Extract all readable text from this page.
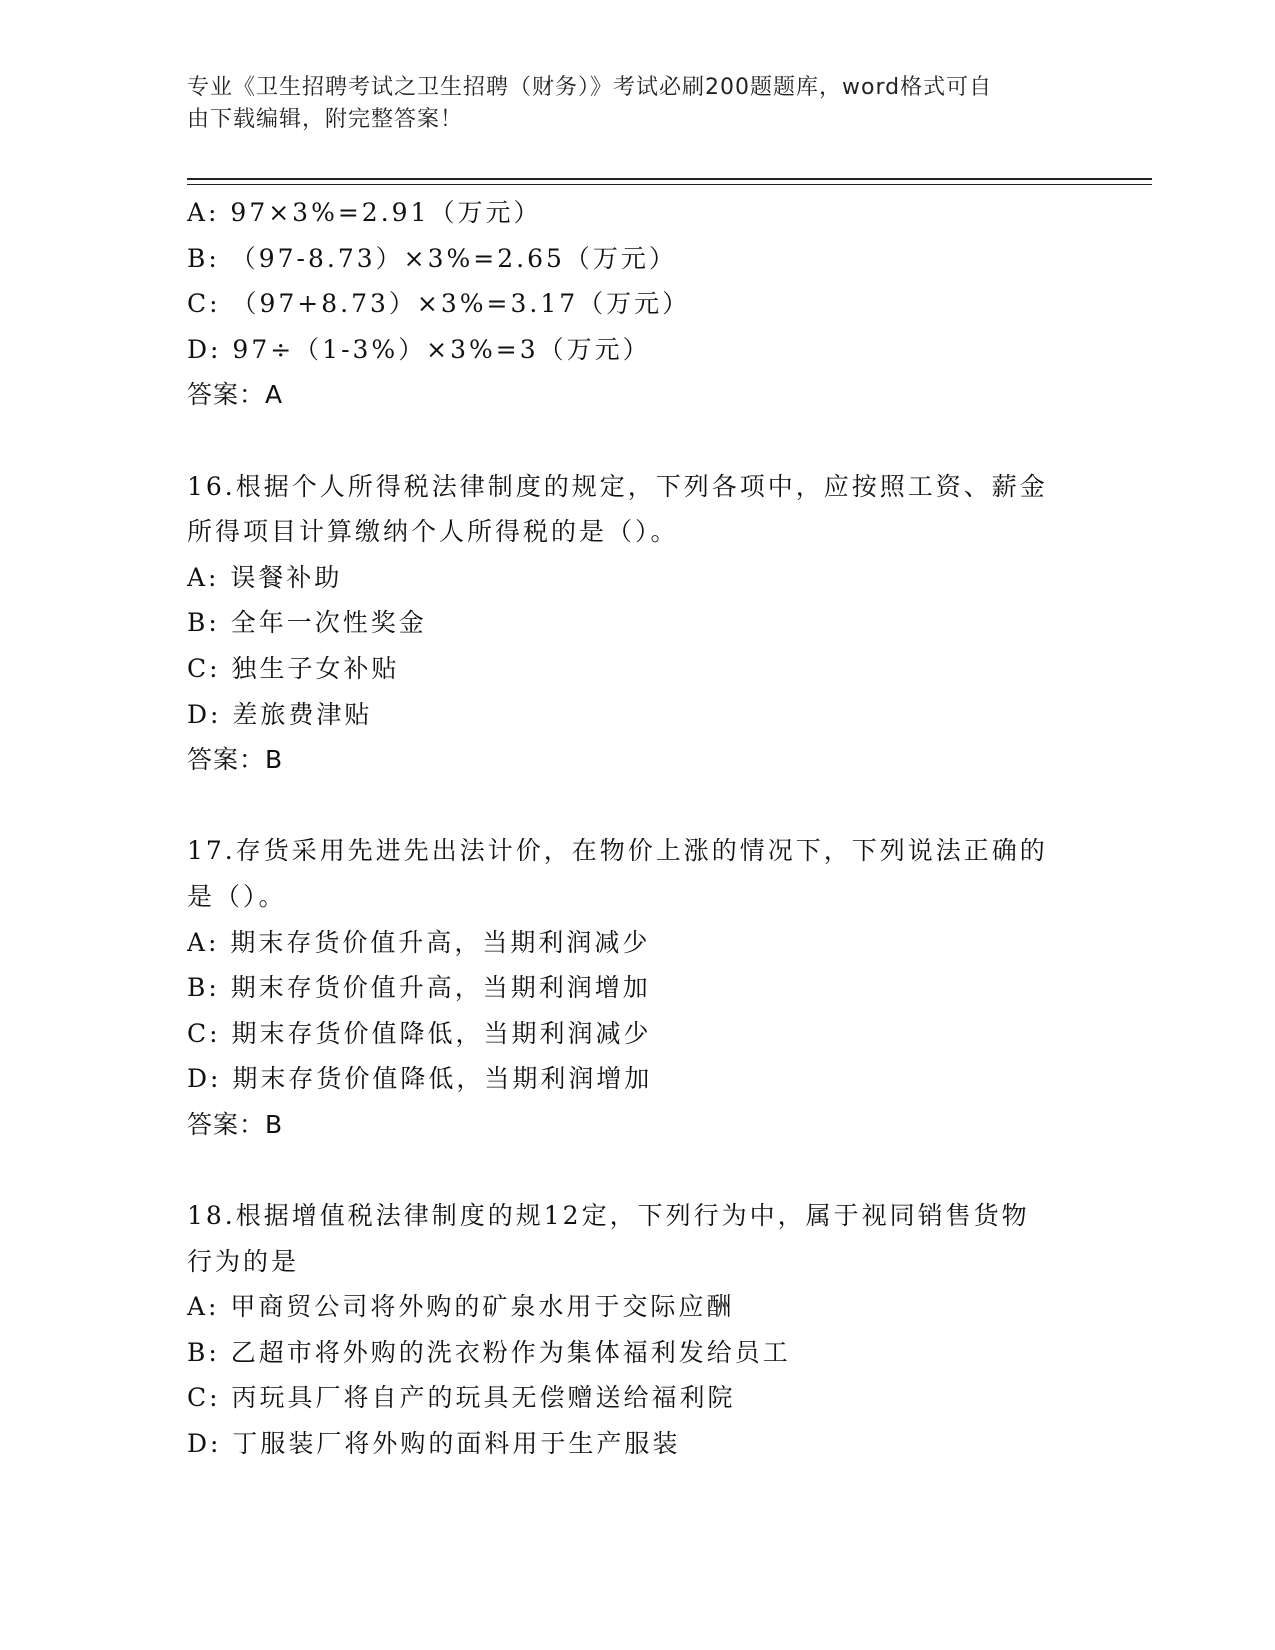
专业《卫生招聘考试之卫生招聘（财务）》考试必刷200题题库，word格式可自
由下载编辑，附完整答案！
A: 97×3%=2.91（万元）
B: （97-8.73）×3%=2.65（万元）
C: （97+8.73）×3%=3.17（万元）
D: 97÷（1-3%）×3%=3（万元）
答案：A
16.根据个人所得税法律制度的规定，下列各项中，应按照工资、薪金
所得项目计算缴纳个人所得税的是（）。
A: 误餐补助
B: 全年一次性奖金
C: 独生子女补贴
D: 差旅费津贴
答案：B
17.存货采用先进先出法计价，在物价上涨的情况下，下列说法正确的
是（）。
A: 期末存货价值升高，当期利润减少
B: 期末存货价值升高，当期利润增加
C: 期末存货价值降低，当期利润减少
D: 期末存货价值降低，当期利润增加
答案：B
18.根据增值税法律制度的规12定，下列行为中，属于视同销售货物
行为的是
A: 甲商贸公司将外购的矿泉水用于交际应酬
B: 乙超市将外购的洗衣粉作为集体福利发给员工
C: 丙玩具厂将自产的玩具无偿赠送给福利院
D: 丁服装厂将外购的面料用于生产服装
